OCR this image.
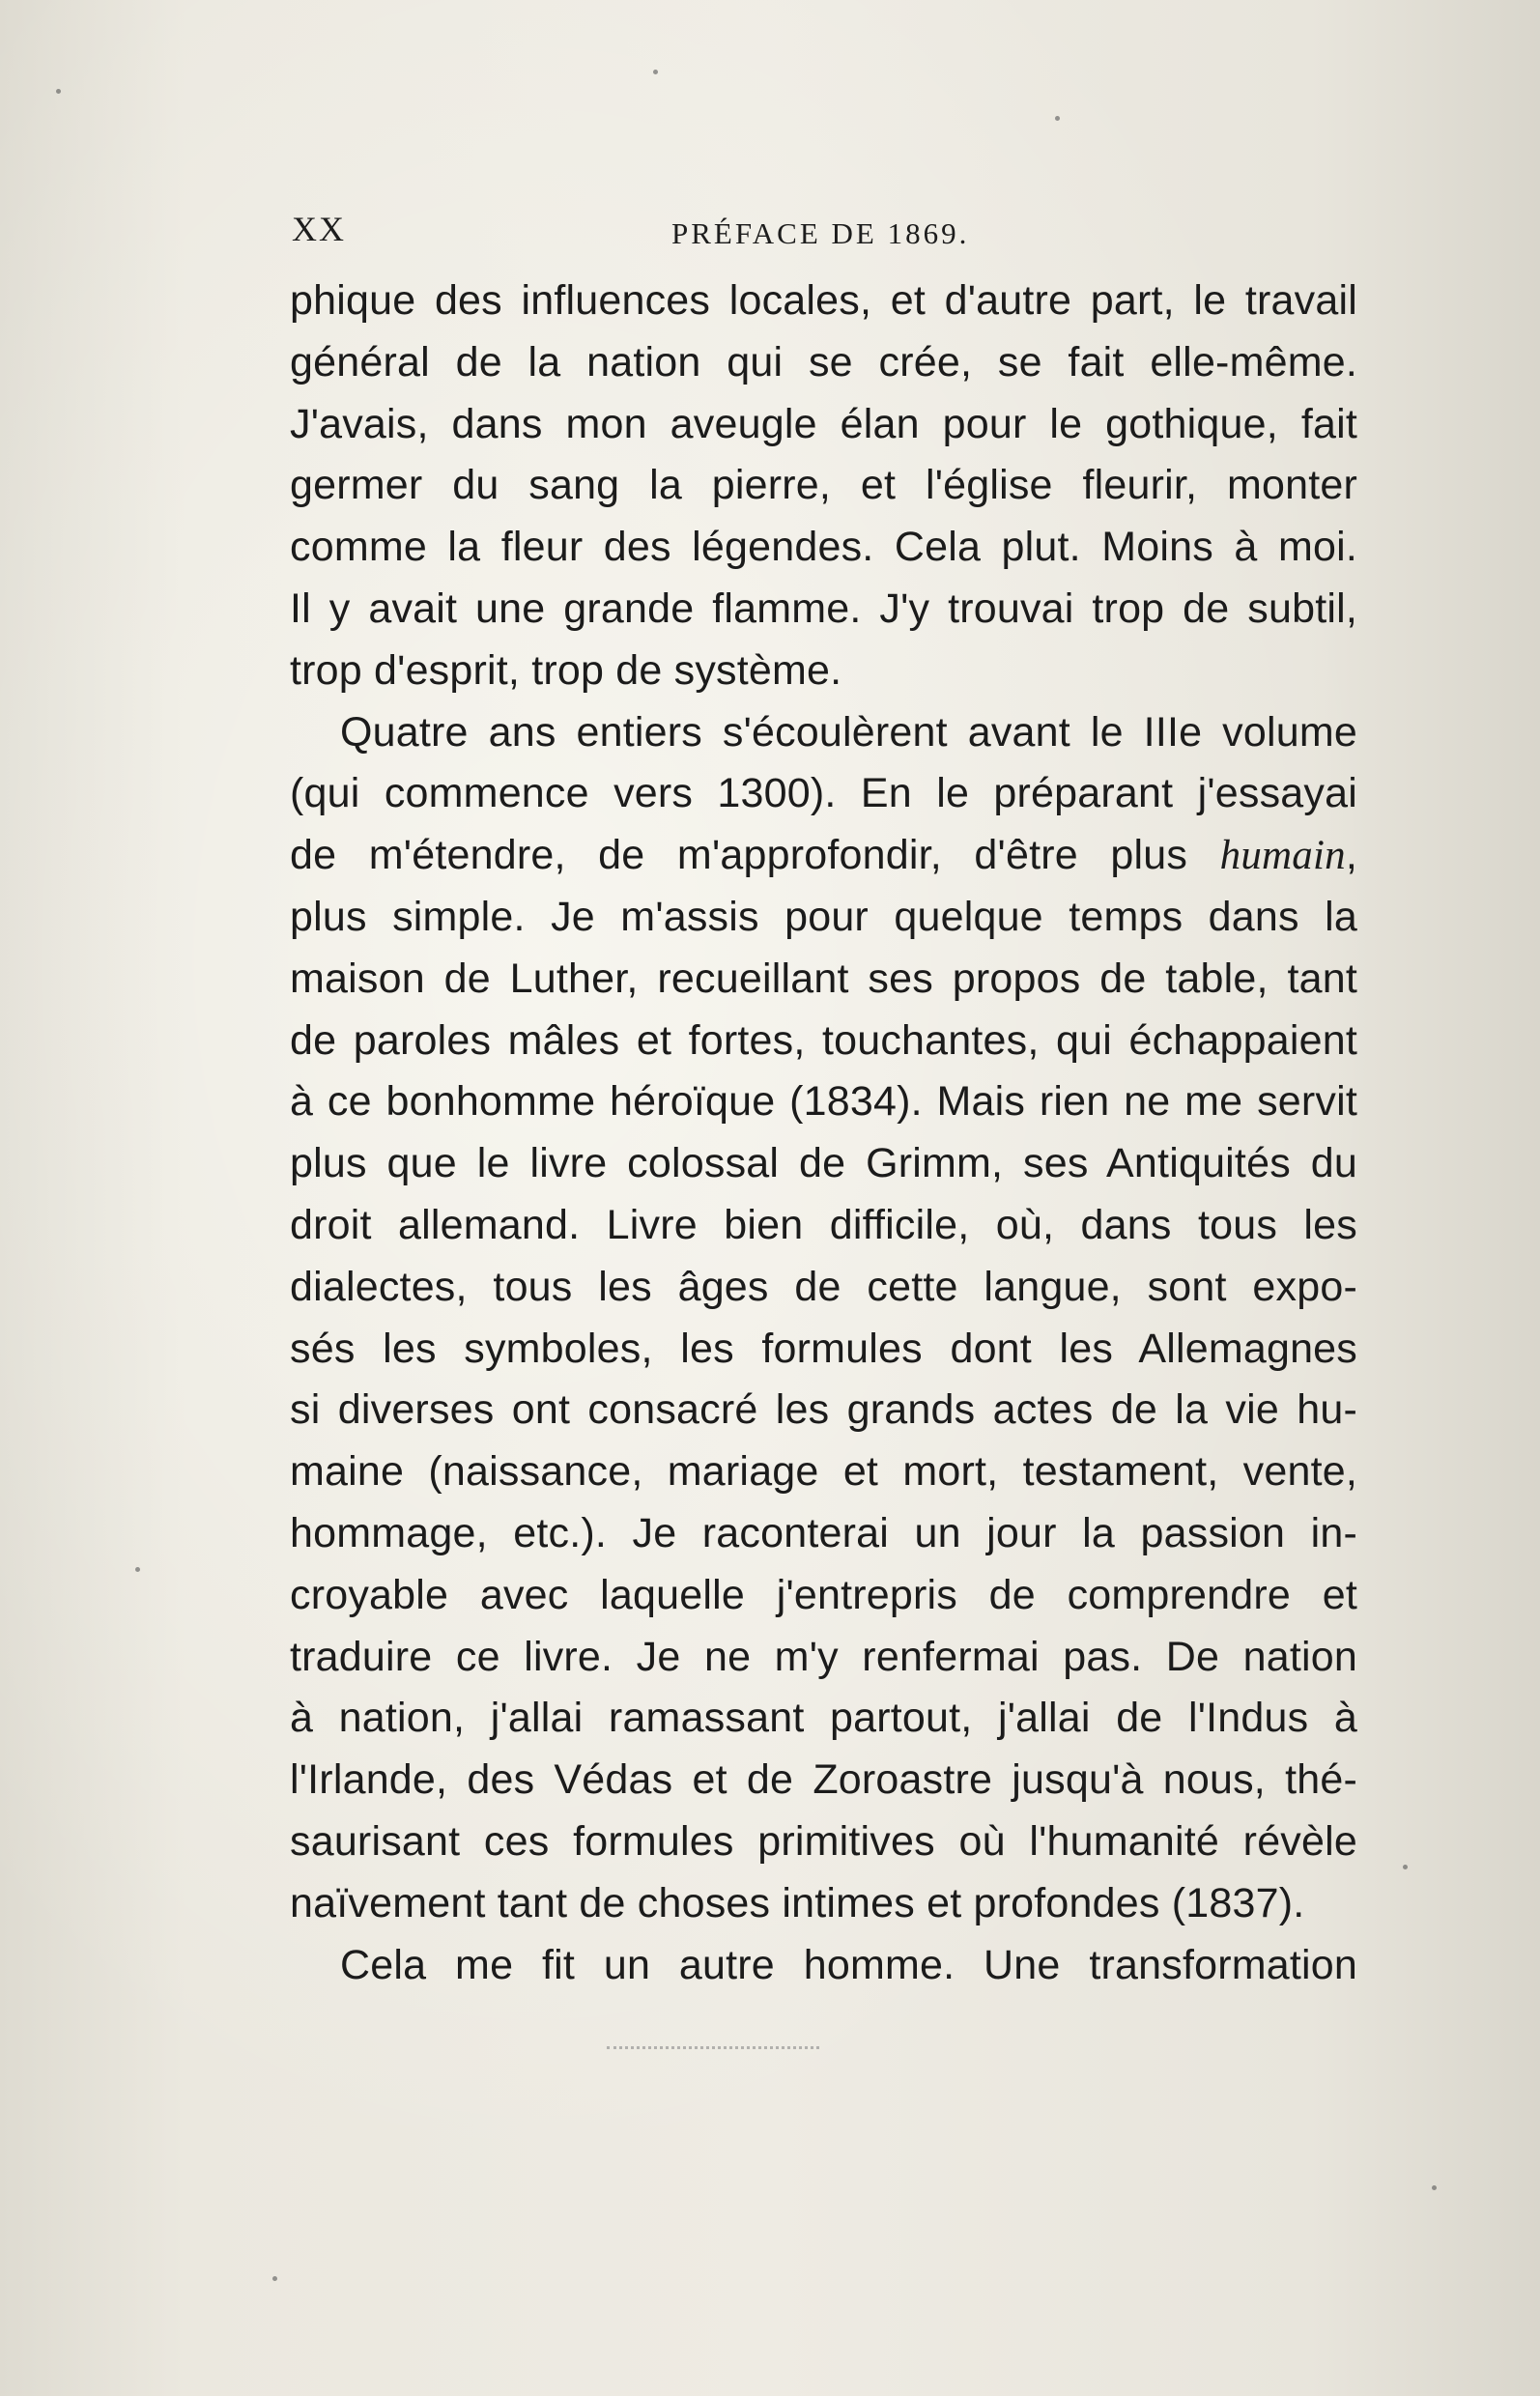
XX	PRÉFACE DE 1869.
phique des influences locales, et d'autre part, le travail
général de la nation qui se crée, se fait elle-même.
J'avais, dans mon aveugle élan pour le gothique, fait
germer du sang la pierre, et l'église fleurir, monter
comme la fleur des légendes. Cela plut. Moins à moi.
Il y avait une grande flamme. J'y trouvai trop de subtil,
trop d'esprit, trop de système.
Quatre ans entiers s'écoulèrent avant le IIIe volume
(qui commence vers 1300). En le préparant j'essayai
de m'étendre, de m'approfondir, d'être plus humain,
plus simple. Je m'assis pour quelque temps dans la
maison de Luther, recueillant ses propos de table, tant
de paroles mâles et fortes, touchantes, qui échappaient
à ce bonhomme héroïque (1834). Mais rien ne me servit
plus que le livre colossal de Grimm, ses Antiquités du
droit allemand. Livre bien difficile, où, dans tous les
dialectes, tous les âges de cette langue, sont expo-
sés les symboles, les formules dont les Allemagnes
si diverses ont consacré les grands actes de la vie hu-
maine (naissance, mariage et mort, testament, vente,
hommage, etc.). Je raconterai un jour la passion in-
croyable avec laquelle j'entrepris de comprendre et
traduire ce livre. Je ne m'y renfermai pas. De nation
à nation, j'allai ramassant partout, j'allai de l'Indus à
l'Irlande, des Védas et de Zoroastre jusqu'à nous, thé-
saurisant ces formules primitives où l'humanité révèle
naïvement tant de choses intimes et profondes (1837).
Cela me fit un autre homme. Une transformation
